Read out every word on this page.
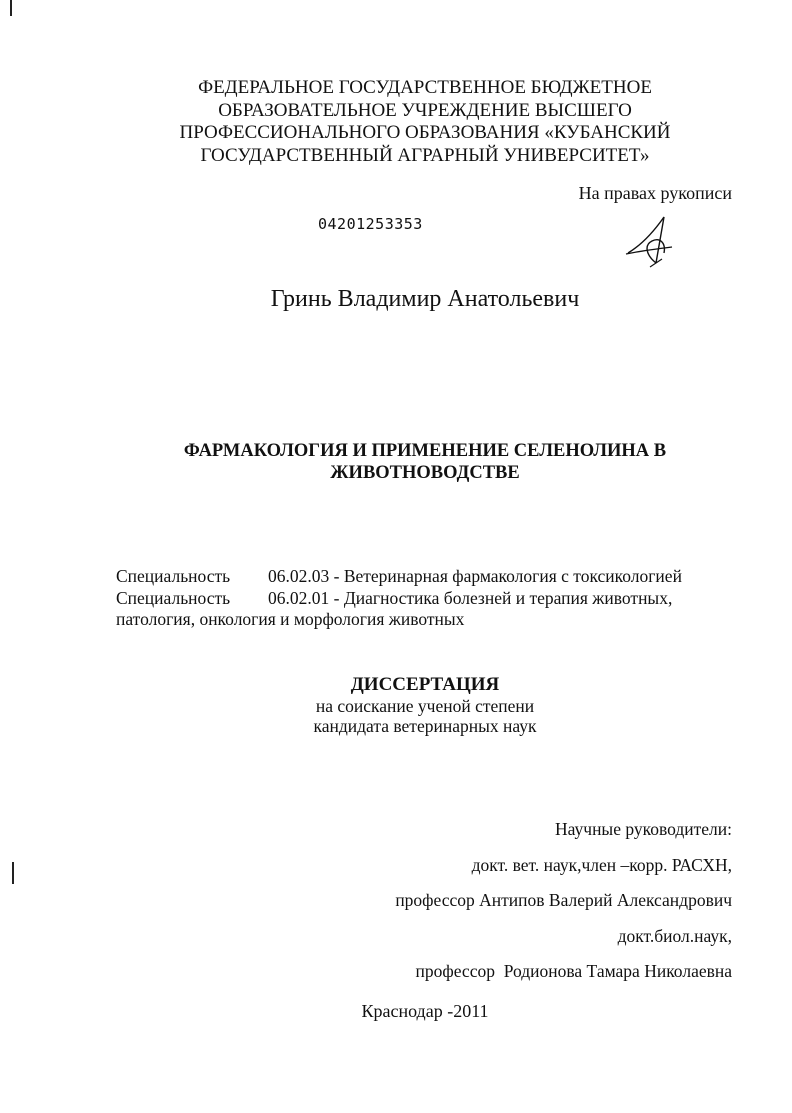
ФЕДЕРАЛЬНОЕ ГОСУДАРСТВЕННОЕ БЮДЖЕТНОЕ
ОБРАЗОВАТЕЛЬНОЕ УЧРЕЖДЕНИЕ ВЫСШЕГО
ПРОФЕССИОНАЛЬНОГО ОБРАЗОВАНИЯ «КУБАНСКИЙ
ГОСУДАРСТВЕННЫЙ АГРАРНЫЙ УНИВЕРСИТЕТ»
На правах рукописи
04201253353
Гринь Владимир Анатольевич
ФАРМАКОЛОГИЯ И ПРИМЕНЕНИЕ СЕЛЕНОЛИНА В
ЖИВОТНОВОДСТВЕ
Специальность 06.02.03 - Ветеринарная фармакология с токсикологией
Специальность 06.02.01 - Диагностика болезней и терапия животных,
патология, онкология и морфология животных
ДИССЕРТАЦИЯ
на соискание ученой степени
кандидата ветеринарных наук
Научные руководители:
докт. вет. наук,член –корр. РАСХН,
профессор Антипов Валерий Александрович
докт.биол.наук,
профессор  Родионова Тамара Николаевна
Краснодар -2011
